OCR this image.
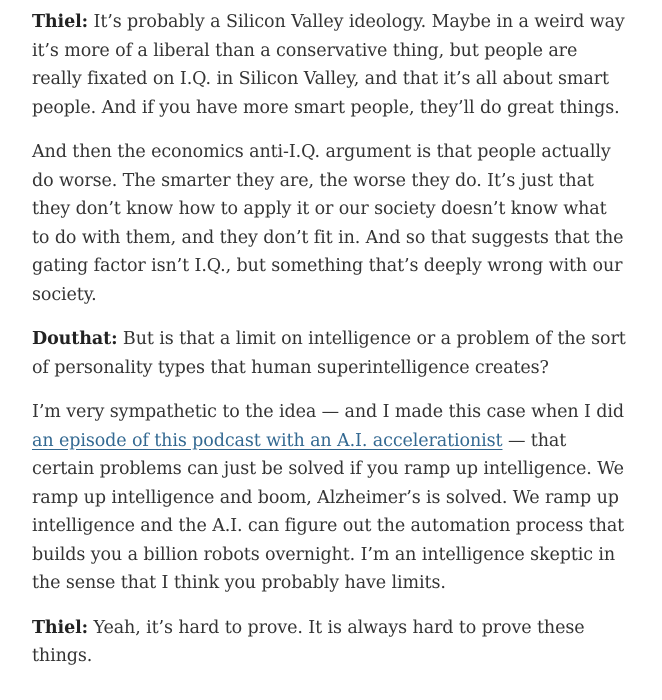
Thiel: It’s probably a Silicon Valley ideology. Maybe in a weird way it’s more of a liberal than a conservative thing, but people are really fixated on I.Q. in Silicon Valley, and that it’s all about smart people. And if you have more smart people, they’ll do great things.

And then the economics anti-I.Q. argument is that people actually do worse. The smarter they are, the worse they do. It’s just that they don’t know how to apply it or our society doesn’t know what to do with them, and they don’t fit in. And so that suggests that the gating factor isn’t I.Q., but something that’s deeply wrong with our society.

Douthat: But is that a limit on intelligence or a problem of the sort of personality types that human superintelligence creates?

I’m very sympathetic to the idea — and I made this case when I did an episode of this podcast with an A.I. accelerationist — that certain problems can just be solved if you ramp up intelligence. We ramp up intelligence and boom, Alzheimer’s is solved. We ramp up intelligence and the A.I. can figure out the automation process that builds you a billion robots overnight. I’m an intelligence skeptic in the sense that I think you probably have limits.

Thiel: Yeah, it’s hard to prove. It is always hard to prove these things.
